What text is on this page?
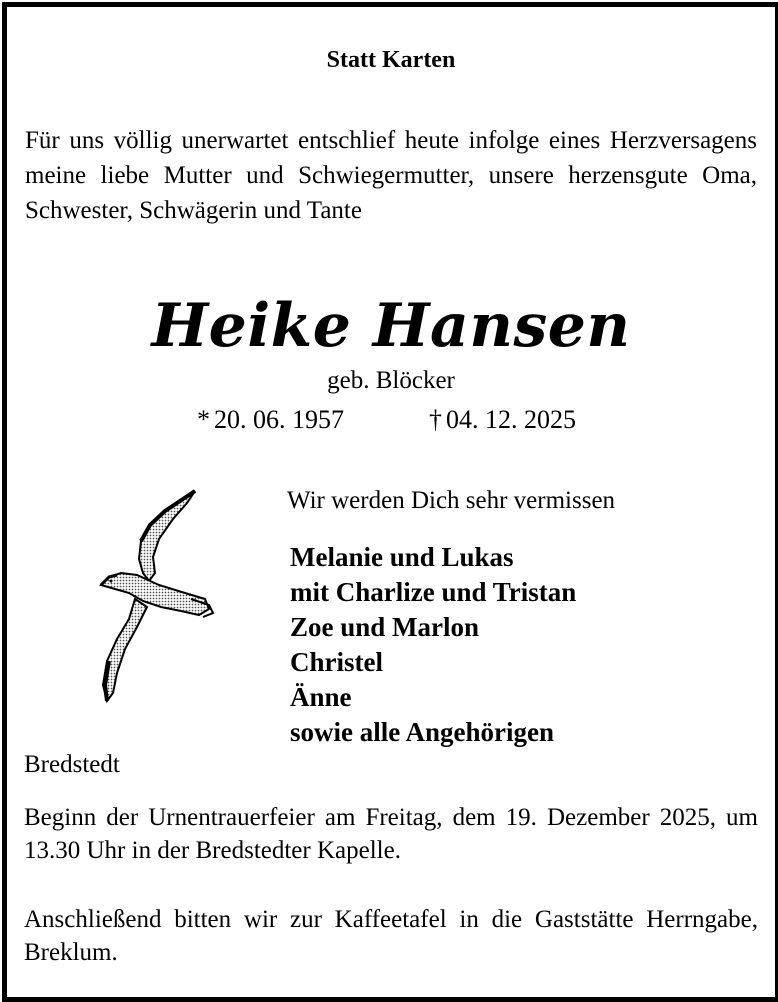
Statt Karten
Für uns völlig unerwartet entschlief heute infolge eines Herzversagens meine liebe Mutter und Schwiegermutter, unsere herzensgute Oma, Schwester, Schwägerin und Tante
Heike Hansen
geb. Blöcker
* 20. 06. 1957	† 04. 12. 2025
Wir werden Dich sehr vermissen
Melanie und Lukas
mit Charlize und Tristan
Zoe und Marlon
Christel
Änne
sowie alle Angehörigen
Bredstedt
Beginn der Urnentrauerfeier am Freitag, dem 19. Dezember 2025, um 13.30 Uhr in der Bredstedter Kapelle.
Anschließend bitten wir zur Kaffeetafel in die Gaststätte Herrngabe, Breklum.
